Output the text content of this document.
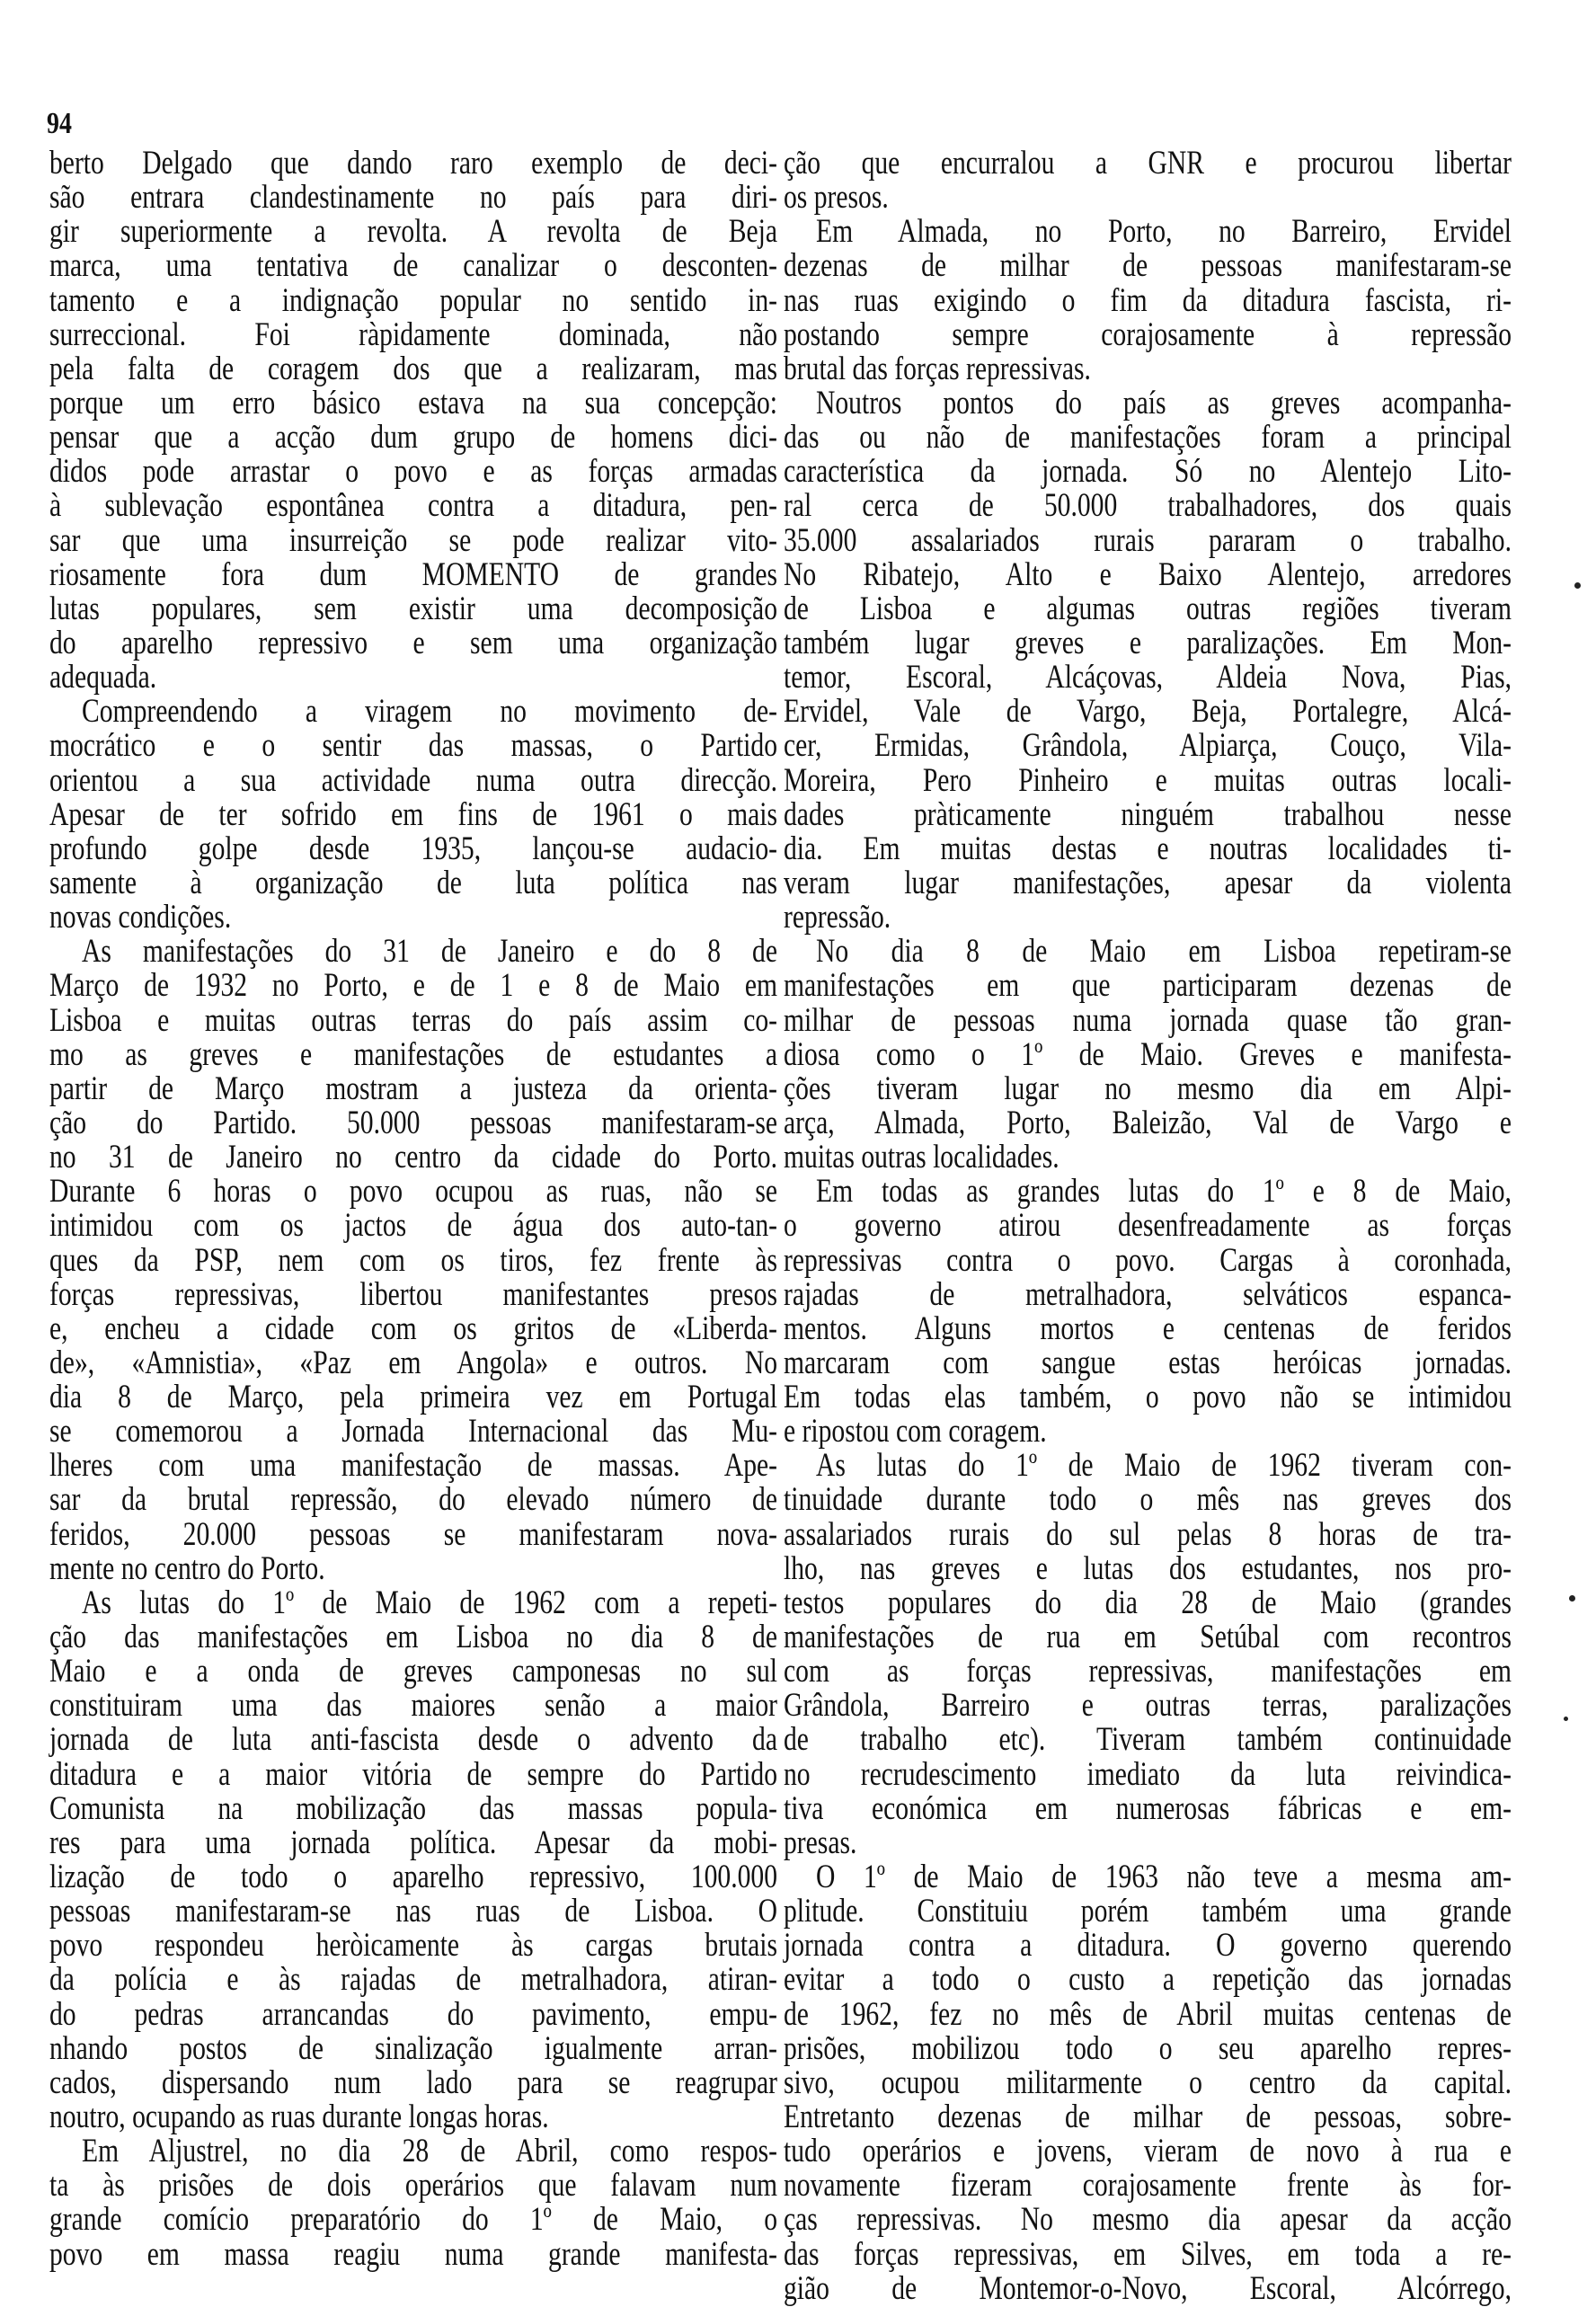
94
berto Delgado que dando raro exemplo de deci-
são entrara clandestinamente no país para diri-
gir superiormente a revolta. A revolta de Beja
marca, uma tentativa de canalizar o desconten-
tamento e a indignação popular no sentido in-
surreccional. Foi ràpidamente dominada, não
pela falta de coragem dos que a realizaram, mas
porque um erro básico estava na sua concepção:
pensar que a acção dum grupo de homens dici-
didos pode arrastar o povo e as forças armadas
à sublevação espontânea contra a ditadura, pen-
sar que uma insurreição se pode realizar vito-
riosamente fora dum MOMENTO de grandes
lutas populares, sem existir uma decomposição
do aparelho repressivo e sem uma organização
adequada.
Compreendendo a viragem no movimento de-
mocrático e o sentir das massas, o Partido
orientou a sua actividade numa outra direcção.
Apesar de ter sofrido em fins de 1961 o mais
profundo golpe desde 1935, lançou-se audacio-
samente à organização de luta política nas
novas condições.
As manifestações do 31 de Janeiro e do 8 de
Março de 1932 no Porto, e de 1 e 8 de Maio em
Lisboa e muitas outras terras do país assim co-
mo as greves e manifestações de estudantes a
partir de Março mostram a justeza da orienta-
ção do Partido. 50.000 pessoas manifestaram-se
no 31 de Janeiro no centro da cidade do Porto.
Durante 6 horas o povo ocupou as ruas, não se
intimidou com os jactos de água dos auto-tan-
ques da PSP, nem com os tiros, fez frente às
forças repressivas, libertou manifestantes presos
e, encheu a cidade com os gritos de «Liberda-
de», «Amnistia», «Paz em Angola» e outros. No
dia 8 de Março, pela primeira vez em Portugal
se comemorou a Jornada Internacional das Mu-
lheres com uma manifestação de massas. Ape-
sar da brutal repressão, do elevado número de
feridos, 20.000 pessoas se manifestaram nova-
mente no centro do Porto.
As lutas do 1º de Maio de 1962 com a repeti-
ção das manifestações em Lisboa no dia 8 de
Maio e a onda de greves camponesas no sul
constituiram uma das maiores senão a maior
jornada de luta anti-fascista desde o advento da
ditadura e a maior vitória de sempre do Partido
Comunista na mobilização das massas popula-
res para uma jornada política. Apesar da mobi-
lização de todo o aparelho repressivo, 100.000
pessoas manifestaram-se nas ruas de Lisboa. O
povo respondeu heròicamente às cargas brutais
da polícia e às rajadas de metralhadora, atiran-
do pedras arrancandas do pavimento, empu-
nhando postos de sinalização igualmente arran-
cados, dispersando num lado para se reagrupar
noutro, ocupando as ruas durante longas horas.
Em Aljustrel, no dia 28 de Abril, como respos-
ta às prisões de dois operários que falavam num
grande comício preparatório do 1º de Maio, o
povo em massa reagiu numa grande manifesta-
ção que encurralou a GNR e procurou libertar
os presos.
Em Almada, no Porto, no Barreiro, Ervidel
dezenas de milhar de pessoas manifestaram-se
nas ruas exigindo o fim da ditadura fascista, ri-
postando sempre corajosamente à repressão
brutal das forças repressivas.
Noutros pontos do país as greves acompanha-
das ou não de manifestações foram a principal
característica da jornada. Só no Alentejo Lito-
ral cerca de 50.000 trabalhadores, dos quais
35.000 assalariados rurais pararam o trabalho.
No Ribatejo, Alto e Baixo Alentejo, arredores
de Lisboa e algumas outras regiões tiveram
também lugar greves e paralizações. Em Mon-
temor, Escoral, Alcáçovas, Aldeia Nova, Pias,
Ervidel, Vale de Vargo, Beja, Portalegre, Alcá-
cer, Ermidas, Grândola, Alpiarça, Couço, Vila-
Moreira, Pero Pinheiro e muitas outras locali-
dades pràticamente ninguém trabalhou nesse
dia. Em muitas destas e noutras localidades ti-
veram lugar manifestações, apesar da violenta
repressão.
No dia 8 de Maio em Lisboa repetiram-se
manifestações em que participaram dezenas de
milhar de pessoas numa jornada quase tão gran-
diosa como o 1º de Maio. Greves e manifesta-
ções tiveram lugar no mesmo dia em Alpi-
arça, Almada, Porto, Baleizão, Val de Vargo e
muitas outras localidades.
Em todas as grandes lutas do 1º e 8 de Maio,
o governo atirou desenfreadamente as forças
repressivas contra o povo. Cargas à coronhada,
rajadas de metralhadora, selváticos espanca-
mentos. Alguns mortos e centenas de feridos
marcaram com sangue estas heróicas jornadas.
Em todas elas também, o povo não se intimidou
e ripostou com coragem.
As lutas do 1º de Maio de 1962 tiveram con-
tinuidade durante todo o mês nas greves dos
assalariados rurais do sul pelas 8 horas de tra-
lho, nas greves e lutas dos estudantes, nos pro-
testos populares do dia 28 de Maio (grandes
manifestações de rua em Setúbal com recontros
com as forças repressivas, manifestações em
Grândola, Barreiro e outras terras, paralizações
de trabalho etc). Tiveram também continuidade
no recrudescimento imediato da luta reivindica-
tiva económica em numerosas fábricas e em-
presas.
O 1º de Maio de 1963 não teve a mesma am-
plitude. Constituiu porém também uma grande
jornada contra a ditadura. O governo querendo
evitar a todo o custo a repetição das jornadas
de 1962, fez no mês de Abril muitas centenas de
prisões, mobilizou todo o seu aparelho repres-
sivo, ocupou militarmente o centro da capital.
Entretanto dezenas de milhar de pessoas, sobre-
tudo operários e jovens, vieram de novo à rua e
novamente fizeram corajosamente frente às for-
ças repressivas. No mesmo dia apesar da acção
das forças repressivas, em Silves, em toda a re-
gião de Montemor-o-Novo, Escoral, Alcórrego,
